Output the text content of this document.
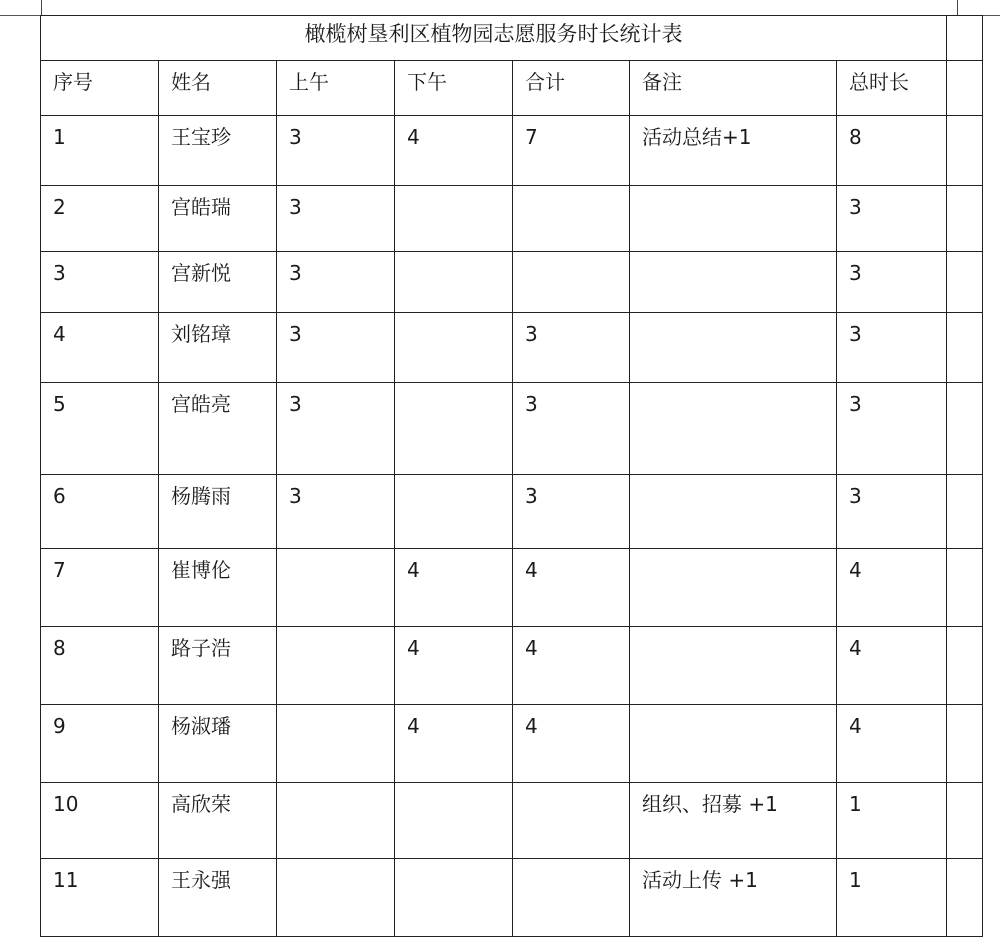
橄榄树垦利区植物园志愿服务时长统计表							
序号	姓名	上午	下午	合计	备注	总时长	
1	王宝珍	3	4	7	活动总结+1	8	
2	宫皓瑞	3				3	
3	宫新悦	3				3	
4	刘铭璋	3		3		3	
5	宫皓亮	3		3		3	
6	杨腾雨	3		3		3	
7	崔博伦		4	4		4	
8	路子浩		4	4		4	
9	杨淑璠		4	4		4	
10	高欣荣				组织、招募 +1	1	
11	王永强				活动上传 +1	1	
